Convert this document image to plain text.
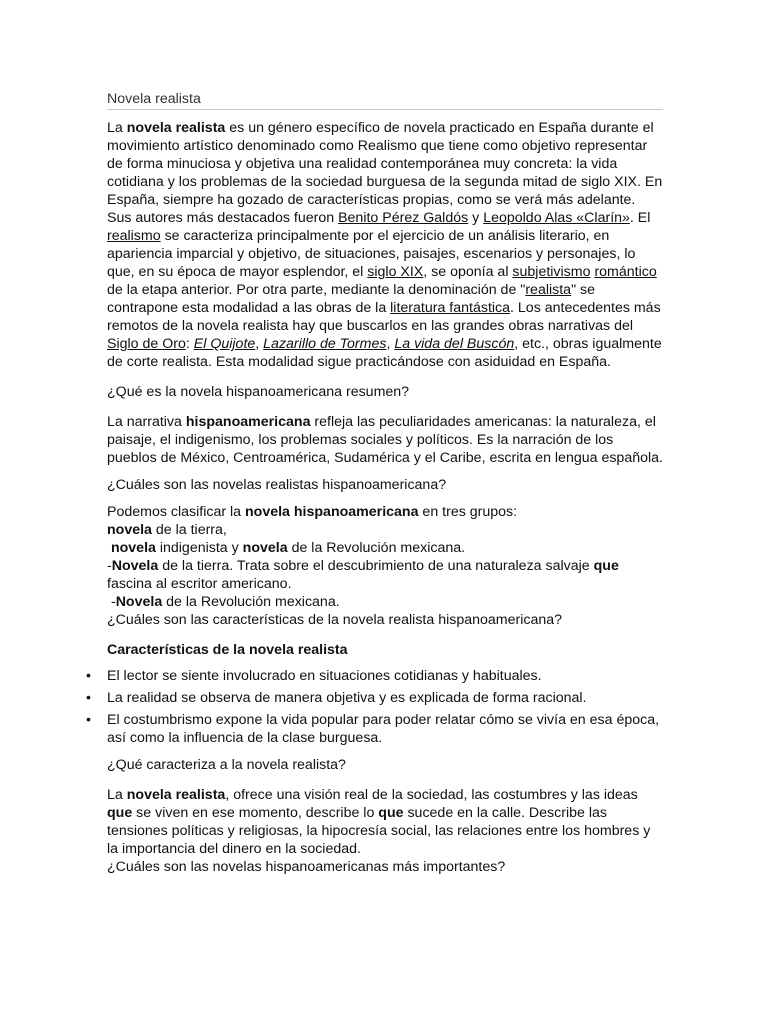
Novela realista

La novela realista es un género específico de novela practicado en España durante el movimiento artístico denominado como Realismo que tiene como objetivo representar de forma minuciosa y objetiva una realidad contemporánea muy concreta: la vida cotidiana y los problemas de la sociedad burguesa de la segunda mitad de siglo XIX. En España, siempre ha gozado de características propias, como se verá más adelante. Sus autores más destacados fueron Benito Pérez Galdós y Leopoldo Alas «Clarín». El realismo se caracteriza principalmente por el ejercicio de un análisis literario, en apariencia imparcial y objetivo, de situaciones, paisajes, escenarios y personajes, lo que, en su época de mayor esplendor, el siglo XIX, se oponía al subjetivismo romántico de la etapa anterior. Por otra parte, mediante la denominación de "realista" se contrapone esta modalidad a las obras de la literatura fantástica. Los antecedentes más remotos de la novela realista hay que buscarlos en las grandes obras narrativas del Siglo de Oro: El Quijote, Lazarillo de Tormes, La vida del Buscón, etc., obras igualmente de corte realista. Esta modalidad sigue practicándose con asiduidad en España.

¿Qué es la novela hispanoamericana resumen?

La narrativa hispanoamericana refleja las peculiaridades americanas: la naturaleza, el paisaje, el indigenismo, los problemas sociales y políticos. Es la narración de los pueblos de México, Centroamérica, Sudamérica y el Caribe, escrita en lengua española.

¿Cuáles son las novelas realistas hispanoamericana?

Podemos clasificar la novela hispanoamericana en tres grupos:
novela de la tierra,
novela indigenista y novela de la Revolución mexicana.
-Novela de la tierra. Trata sobre el descubrimiento de una naturaleza salvaje que fascina al escritor americano.
-Novela de la Revolución mexicana.
¿Cuáles son las características de la novela realista hispanoamericana?

Características de la novela realista

• El lector se siente involucrado en situaciones cotidianas y habituales.
• La realidad se observa de manera objetiva y es explicada de forma racional.
• El costumbrismo expone la vida popular para poder relatar cómo se vivía en esa época, así como la influencia de la clase burguesa.

¿Qué caracteriza a la novela realista?

La novela realista, ofrece una visión real de la sociedad, las costumbres y las ideas que se viven en ese momento, describe lo que sucede en la calle. Describe las tensiones políticas y religiosas, la hipocresía social, las relaciones entre los hombres y la importancia del dinero en la sociedad.
¿Cuáles son las novelas hispanoamericanas más importantes?
